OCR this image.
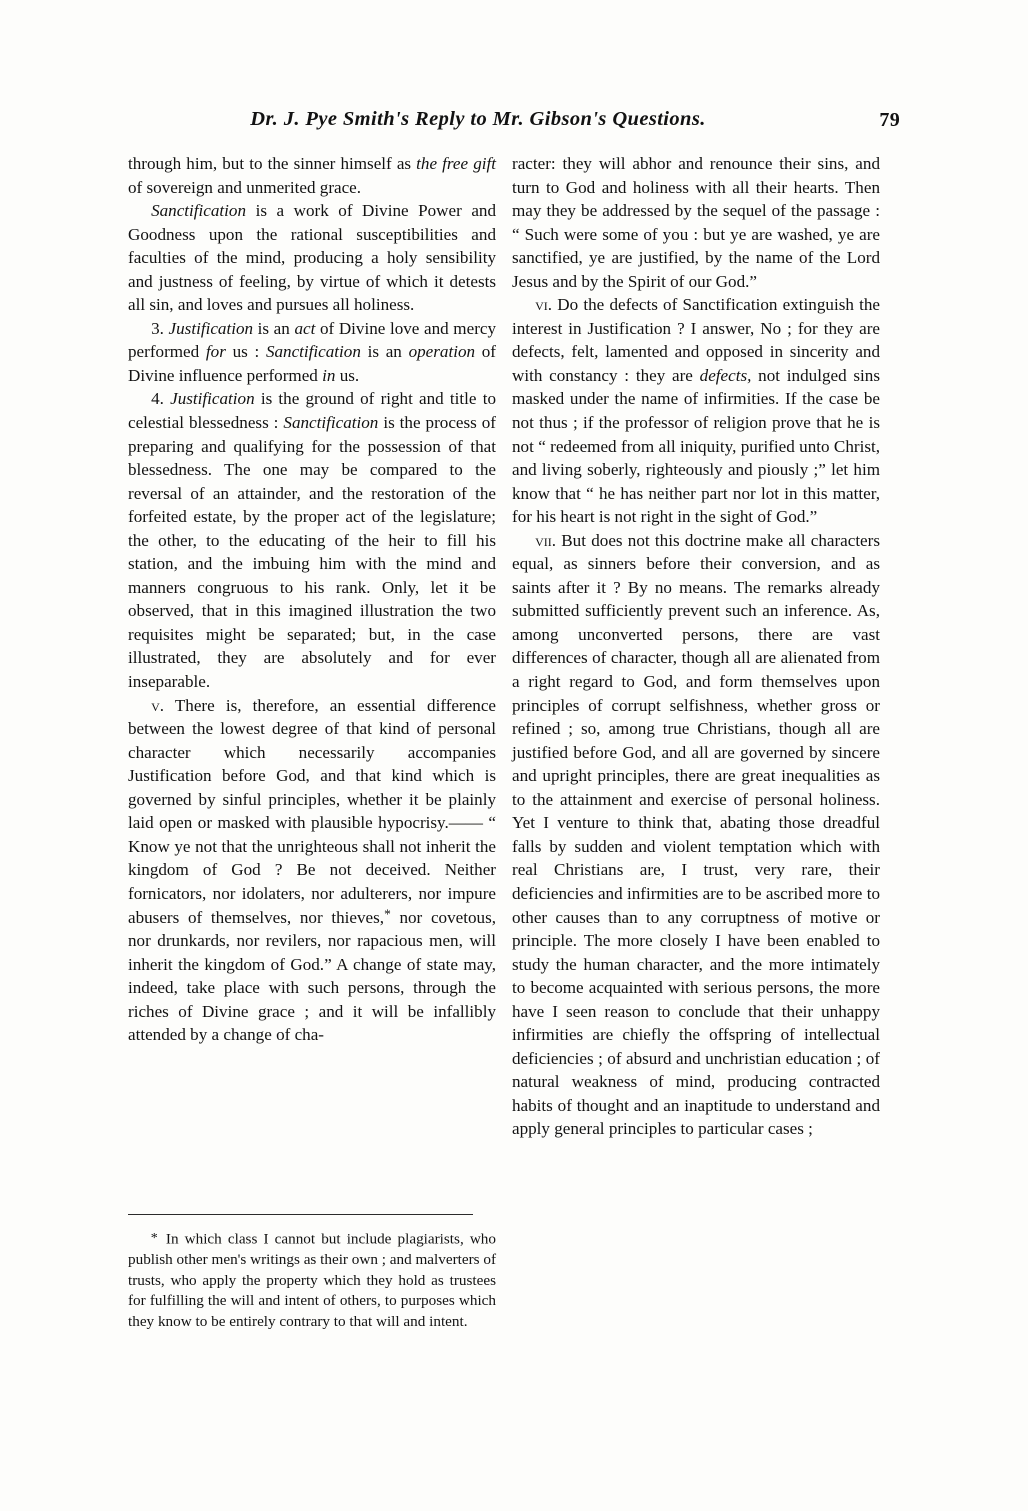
Dr. J. Pye Smith's Reply to Mr. Gibson's Questions.	79

through him, but to the sinner himself as the free gift of sovereign and unmerited grace.

Sanctification is a work of Divine Power and Goodness upon the rational susceptibilities and faculties of the mind, producing a holy sensibility and justness of feeling, by virtue of which it detests all sin, and loves and pursues all holiness.

3. Justification is an act of Divine love and mercy performed for us : Sanctification is an operation of Divine influence performed in us.

4. Justification is the ground of right and title to celestial blessedness : Sanctification is the process of preparing and qualifying for the possession of that blessedness. The one may be compared to the reversal of an attainder, and the restoration of the forfeited estate, by the proper act of the legislature; the other, to the educating of the heir to fill his station, and the imbuing him with the mind and manners congruous to his rank. Only, let it be observed, that in this imagined illustration the two requisites might be separated; but, in the case illustrated, they are absolutely and for ever inseparable.

v. There is, therefore, an essential difference between the lowest degree of that kind of personal character which necessarily accompanies Justification before God, and that kind which is governed by sinful principles, whether it be plainly laid open or masked with plausible hypocrisy.—— “ Know ye not that the unrighteous shall not inherit the kingdom of God ? Be not deceived. Neither fornicators, nor idolaters, nor adulterers, nor impure abusers of themselves, nor thieves,* nor covetous, nor drunkards, nor revilers, nor rapacious men, will inherit the kingdom of God.” A change of state may, indeed, take place with such persons, through the riches of Divine grace ; and it will be infallibly attended by a change of cha-

racter: they will abhor and renounce their sins, and turn to God and holiness with all their hearts. Then may they be addressed by the sequel of the passage : “ Such were some of you : but ye are washed, ye are sanctified, ye are justified, by the name of the Lord Jesus and by the Spirit of our God.”

vi. Do the defects of Sanctification extinguish the interest in Justification ? I answer, No ; for they are defects, felt, lamented and opposed in sincerity and with constancy : they are defects, not indulged sins masked under the name of infirmities. If the case be not thus ; if the professor of religion prove that he is not “ redeemed from all iniquity, purified unto Christ, and living soberly, righteously and piously ;” let him know that “ he has neither part nor lot in this matter, for his heart is not right in the sight of God.”

vii. But does not this doctrine make all characters equal, as sinners before their conversion, and as saints after it ? By no means. The remarks already submitted sufficiently prevent such an inference. As, among unconverted persons, there are vast differences of character, though all are alienated from a right regard to God, and form themselves upon principles of corrupt selfishness, whether gross or refined ; so, among true Christians, though all are justified before God, and all are governed by sincere and upright principles, there are great inequalities as to the attainment and exercise of personal holiness. Yet I venture to think that, abating those dreadful falls by sudden and violent temptation which with real Christians are, I trust, very rare, their deficiencies and infirmities are to be ascribed more to other causes than to any corruptness of motive or principle. The more closely I have been enabled to study the human character, and the more intimately to become acquainted with serious persons, the more have I seen reason to conclude that their unhappy infirmities are chiefly the offspring of intellectual deficiencies ; of absurd and unchristian education ; of natural weakness of mind, producing contracted habits of thought and an inaptitude to understand and apply general principles to particular cases ;

* In which class I cannot but include plagiarists, who publish other men's writings as their own ; and malverters of trusts, who apply the property which they hold as trustees for fulfilling the will and intent of others, to purposes which they know to be entirely contrary to that will and intent.
